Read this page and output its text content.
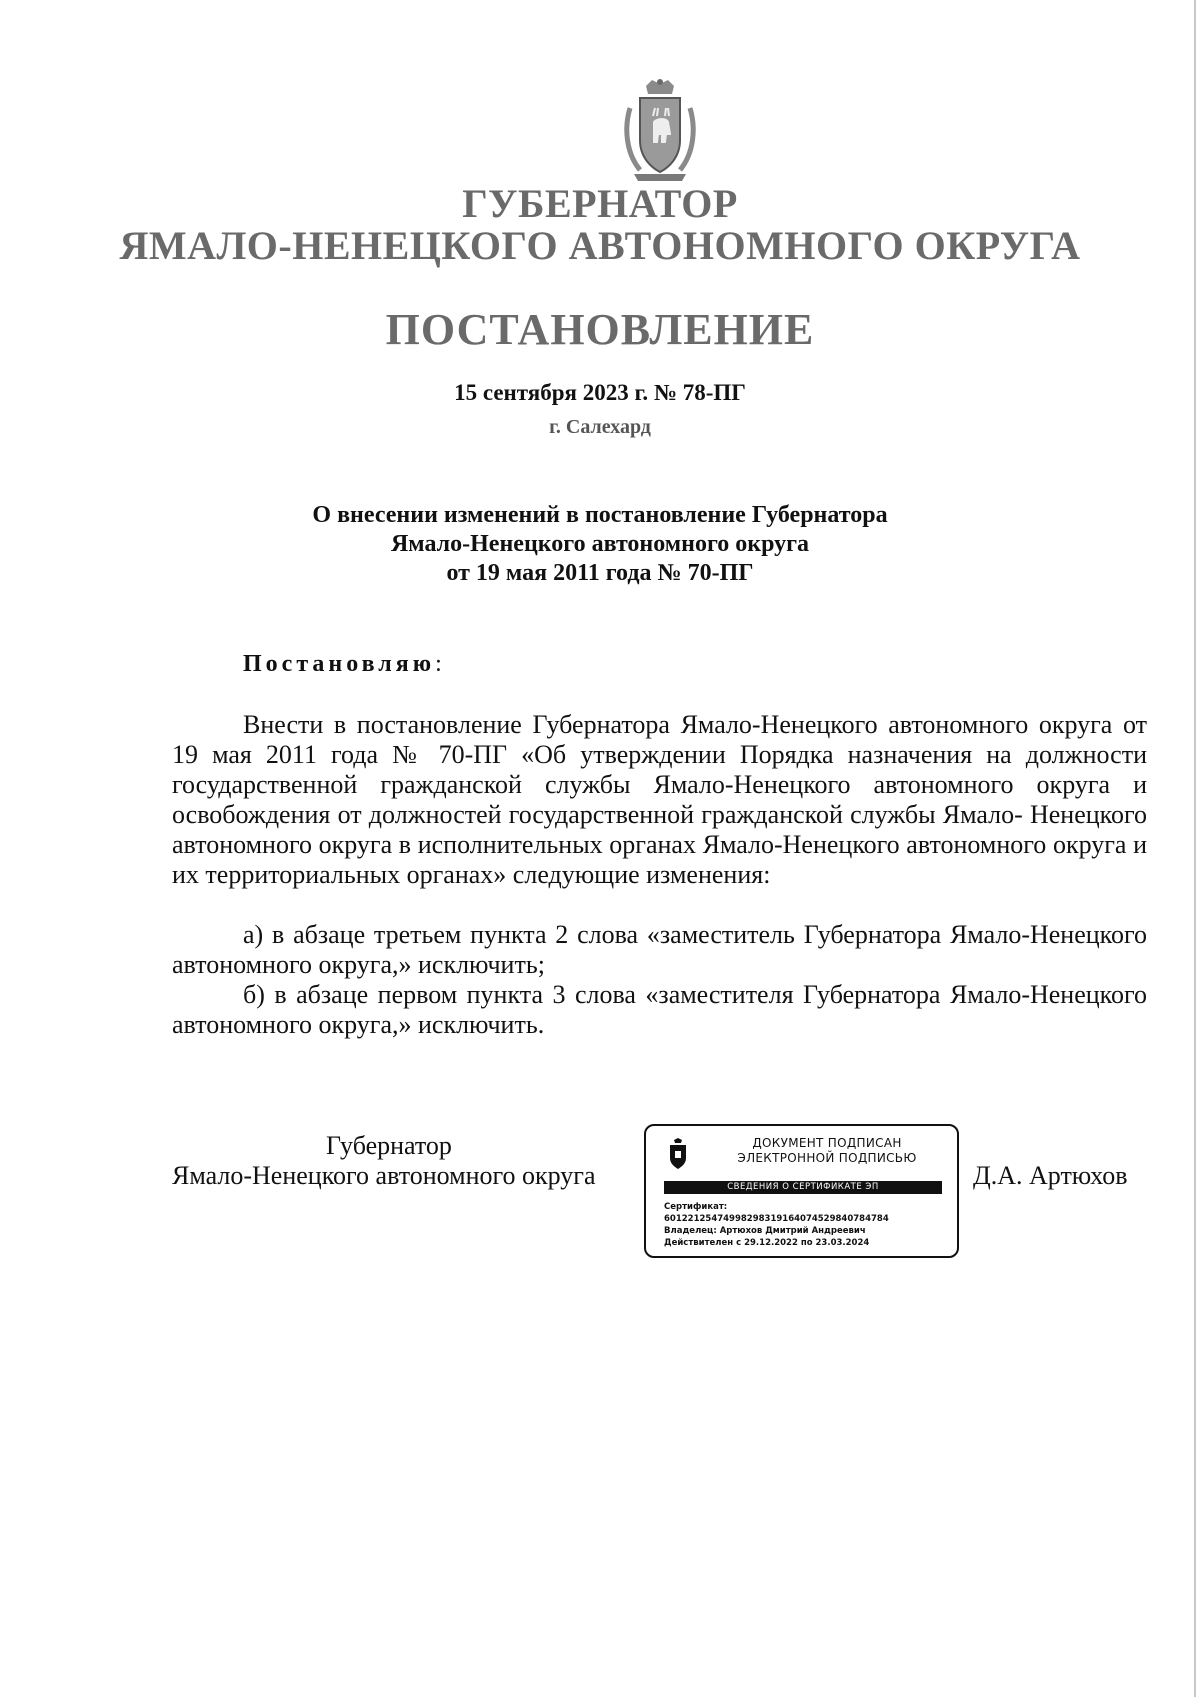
ГУБЕРНАТОР
ЯМАЛО-НЕНЕЦКОГО АВТОНОМНОГО ОКРУГА
ПОСТАНОВЛЕНИЕ
15 сентября 2023 г. № 78-ПГ
г. Салехард
О внесении изменений в постановление Губернатора
Ямало-Ненецкого автономного округа
от 19 мая 2011 года № 70-ПГ
Постановляю:
Внести в постановление Губернатора Ямало-Ненецкого автономного округа от 19 мая 2011 года № 70-ПГ «Об утверждении Порядка назначения на должности государственной гражданской службы Ямало-Ненецкого автономного округа и освобождения от должностей государственной гражданской службы Ямало- Ненецкого автономного округа в исполнительных органах Ямало-Ненецкого автономного округа и их территориальных органах» следующие изменения:
а) в абзаце третьем пункта 2 слова «заместитель Губернатора Ямало-Ненецкого автономного округа,» исключить;
б) в абзаце первом пункта 3 слова «заместителя Губернатора Ямало-Ненецкого автономного округа,» исключить.
Губернатор
Ямало-Ненецкого автономного округа
ДОКУМЕНТ ПОДПИСАН
ЭЛЕКТРОННОЙ ПОДПИСЬЮ
СВЕДЕНИЯ О СЕРТИФИКАТЕ ЭП
Сертификат:
60122125474998298319164074529840784784
Владелец: Артюхов Дмитрий Андреевич
Действителен с 29.12.2022 по 23.03.2024
Д.А. Артюхов
